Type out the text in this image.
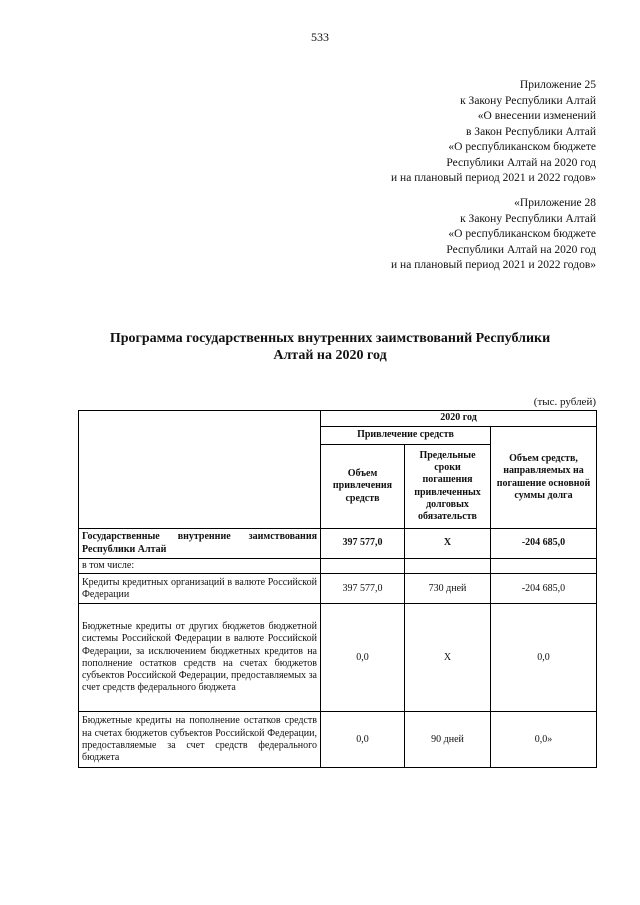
533
Приложение 25
к Закону Республики Алтай
«О внесении изменений
в Закон Республики Алтай
«О республиканском бюджете
Республики Алтай на 2020 год
и на плановый период 2021 и 2022 годов»
«Приложение 28
к Закону Республики Алтай
«О республиканском бюджете
Республики Алтай на 2020 год
и на плановый период 2021 и 2022 годов»
Программа государственных внутренних заимствований Республики
Алтай на 2020 год
(тыс. рублей)
	2020 год		
	Привлечение средств		Объем средств, направляемых на погашение основной суммы долга
	Объем привлечения средств	Предельные сроки погашения привлеченных долговых обязательств	
Государственные внутренние заимствования Республики Алтай	397 577,0	X	-204 685,0
в том числе:			
Кредиты кредитных организаций в валюте Российской Федерации	397 577,0	730 дней	-204 685,0
Бюджетные кредиты от других бюджетов бюджетной системы Российской Федерации в валюте Российской Федерации, за исключением бюджетных кредитов на пополнение остатков средств на счетах бюджетов субъектов Российской Федерации, предоставляемых за счет средств федерального бюджета	0,0	X	0,0
Бюджетные кредиты на пополнение остатков средств на счетах бюджетов субъектов Российской Федерации, предоставляемые за счет средств федерального бюджета	0,0	90 дней	0,0»
